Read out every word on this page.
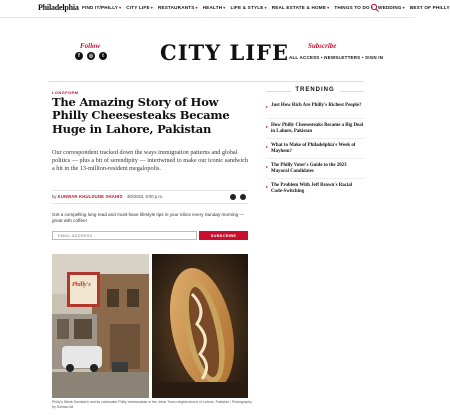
Philadelphia FIND IT/PHILLY▾ CITY LIFE▾ RESTAURANTS▾ HEALTH▾ LIFE & STYLE▾ REAL ESTATE & HOME▾ THINGS TO DO▾ WEDDING▾ BEST OF PHILLY
Follow
f	◎	t	CITY LIFE	Subscribe
ALL ACCESS • NEWSLETTERS • SIGN IN
LONGFORM
The Amazing Story of How Philly Cheesesteaks Became Huge in Lahore, Pakistan
Our correspondent tracked down the ways immigration patterns and global politics — plus a bit of serendipity — intertwined to make our iconic sandwich a hit in the 13-million-resident megalopolis.
by KUNWAR KHULDUNE SHAHID 4/6/2023, 9:00 p.m.
Get a compelling long read and must-have lifestyle tips in your inbox every Sunday morning — great with coffee!
EMAIL ADDRESS
SUBSCRIBE
Philly's
Philly's Steak Sandwich and its namesake Philly cheesesteak in the Johar Town neighborhood of Lahore, Pakistan / Photography by Sulman Ali
TRENDING
▸ Just How Rich Are Philly's Richest People?
▸ How Philly Cheesesteaks Became a Big Deal in Lahore, Pakistan
▸ What to Make of Philadelphia's Week of Mayhem?
▸ The Philly Voter's Guide to the 2023 Mayoral Candidates
▸ The Problem With Jeff Brown's Racial Code-Switching
